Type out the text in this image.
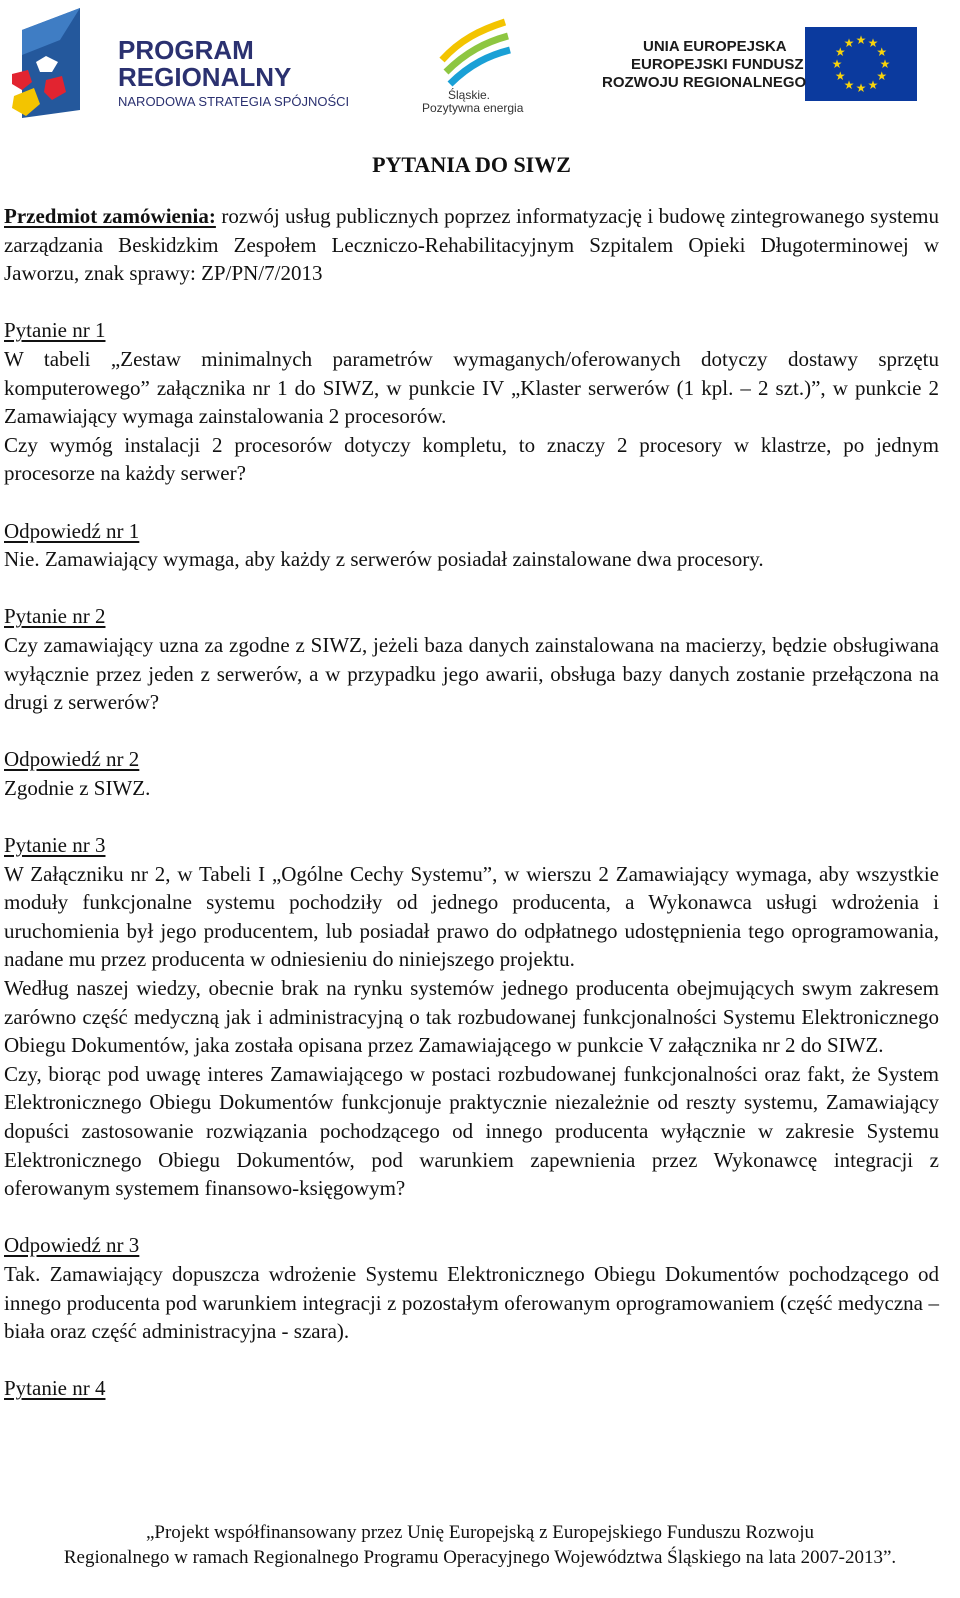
★ ★
★
★
★
★
★
★
★
★
★
★
PROGRAM
REGIONALNY
NARODOWA STRATEGIA SPÓJNOŚCI	Śląskie.
Pozytywna energia
UNIA EUROPEJSKA
EUROPEJSKI FUNDUSZ
ROZWOJU REGIONALNEGO
PYTANIA DO SIWZ

Przedmiot zamówienia: rozwój usług publicznych poprzez informatyzację i budowę zintegrowanego systemu zarządzania Beskidzkim Zespołem Leczniczo-Rehabilitacyjnym Szpitalem Opieki Długoterminowej w Jaworzu, znak sprawy: ZP/PN/7/2013

Pytanie nr 1
W tabeli „Zestaw minimalnych parametrów wymaganych/oferowanych dotyczy dostawy sprzętu komputerowego” załącznika nr 1 do SIWZ, w punkcie IV „Klaster serwerów (1 kpl. – 2 szt.)”, w punkcie 2 Zamawiający wymaga zainstalowania 2 procesorów.
Czy wymóg instalacji 2 procesorów dotyczy kompletu, to znaczy 2 procesory w klastrze, po jednym procesorze na każdy serwer?
Odpowiedź nr 1
Nie. Zamawiający wymaga, aby każdy z serwerów posiadał zainstalowane dwa procesory.
Pytanie nr 2
Czy zamawiający uzna za zgodne z SIWZ, jeżeli baza danych zainstalowana na macierzy, będzie obsługiwana wyłącznie przez jeden z serwerów, a w przypadku jego awarii, obsługa bazy danych zostanie przełączona na drugi z serwerów?
Odpowiedź nr 2
Zgodnie z SIWZ.
Pytanie nr 3
W Załączniku nr 2, w Tabeli I „Ogólne Cechy Systemu”, w wierszu 2 Zamawiający wymaga, aby wszystkie moduły funkcjonalne systemu pochodziły od jednego producenta, a Wykonawca usługi wdrożenia i uruchomienia był jego producentem, lub posiadał prawo do odpłatnego udostępnienia tego oprogramowania, nadane mu przez producenta w odniesieniu do niniejszego projektu.
Według naszej wiedzy, obecnie brak na rynku systemów jednego producenta obejmujących swym zakresem zarówno część medyczną jak i administracyjną o tak rozbudowanej funkcjonalności Systemu Elektronicznego Obiegu Dokumentów, jaka została opisana przez Zamawiającego w punkcie V załącznika nr 2 do SIWZ.
Czy, biorąc pod uwagę interes Zamawiającego w postaci rozbudowanej funkcjonalności oraz fakt, że System Elektronicznego Obiegu Dokumentów funkcjonuje praktycznie niezależnie od reszty systemu, Zamawiający dopuści zastosowanie rozwiązania pochodzącego od innego producenta wyłącznie w zakresie Systemu Elektronicznego Obiegu Dokumentów, pod warunkiem zapewnienia przez Wykonawcę integracji z oferowanym systemem finansowo-księgowym?
Odpowiedź nr 3
Tak. Zamawiający dopuszcza wdrożenie Systemu Elektronicznego Obiegu Dokumentów pochodzącego od innego producenta pod warunkiem integracji z pozostałym oferowanym oprogramowaniem (część medyczna – biała oraz część administracyjna - szara).
Pytanie nr 4
„Projekt współfinansowany przez Unię Europejską z Europejskiego Funduszu Rozwoju
Regionalnego w ramach Regionalnego Programu Operacyjnego Województwa Śląskiego na lata 2007-2013”.
